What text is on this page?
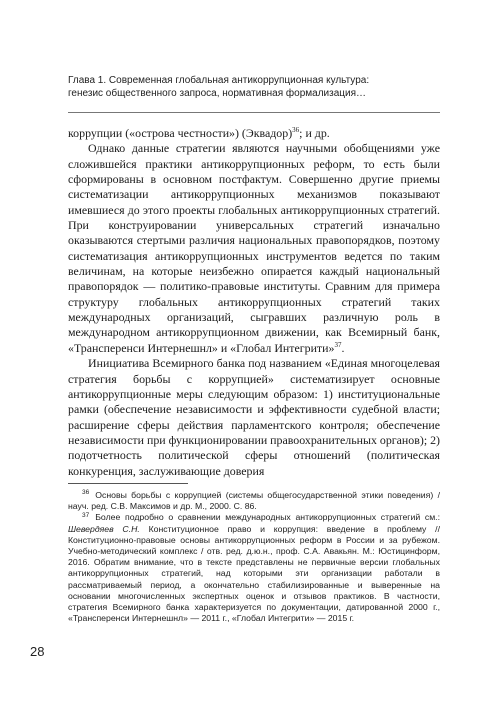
Глава 1. Современная глобальная антикоррупционная культура:
генезис общественного запроса, нормативная формализация…

коррупции («острова честности») (Эквадор)$^{36}$; и др.

Однако данные стратегии являются научными обобщениями уже сложившейся практики антикоррупционных реформ, то есть были сформированы в основном постфактум. Совершенно другие приемы систематизации антикоррупционных механизмов показывают имевшиеся до этого проекты глобальных антикоррупционных стратегий. При конструировании универсальных стратегий изначально оказываются стертыми различия национальных правопорядков, поэтому систематизация антикоррупционных инструментов ведется по таким величинам, на которые неизбежно опирается каждый национальный правопорядок — политико-правовые институты. Сравним для примера структуру глобальных антикоррупционных стратегий таких международных организаций, сыгравших различную роль в международном антикоррупционном движении, как Всемирный банк, «Трансперенси Интернешнл» и «Глобал Интегрити»$^{37}$.

Инициатива Всемирного банка под названием «Единая многоцелевая стратегия борьбы с коррупцией» систематизирует основные антикоррупционные меры следующим образом: 1) институциональные рамки (обеспечение независимости и эффективности судебной власти; расширение сферы действия парламентского контроля; обеспечение независимости при функционировании правоохранительных органов); 2) подотчетность политической сферы отношений (политическая конкуренция, заслуживающие доверия

$^{36}$ Основы борьбы с коррупцией (системы общегосударственной этики поведения) / науч. ред. С.В. Максимов и др. М., 2000. С. 86.

$^{37}$ Более подробно о сравнении международных антикоррупционных стратегий см.: Шевердяев С.Н. Конституционное право и коррупция: введение в проблему // Конституционно-правовые основы антикоррупционных реформ в России и за рубежом. Учебно-методический комплекс / отв. ред. д.ю.н., проф. С.А. Авакьян. М.: Юстицинформ, 2016. Обратим внимание, что в тексте представлены не первичные версии глобальных антикоррупционных стратегий, над которыми эти организации работали в рассматриваемый период, а окончательно стабилизированные и выверенные на основании многочисленных экспертных оценок и отзывов практиков. В частности, стратегия Всемирного банка характеризуется по документации, датированной 2000 г., «Трансперенси Интернешнл» — 2011 г., «Глобал Интегрити» — 2015 г.

28
